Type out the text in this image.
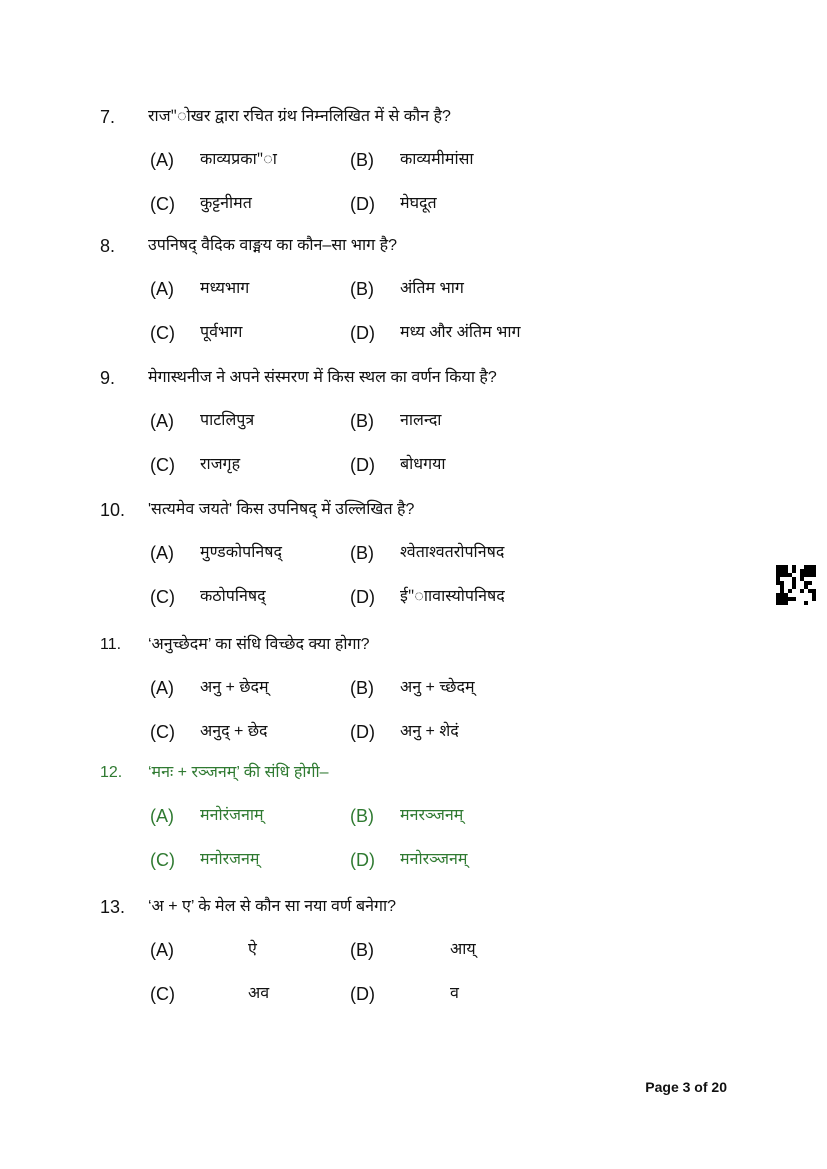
7. राज"ोखर द्वारा रचित ग्रंथ निम्नलिखित में से कौन है?
(A) काव्यप्रका"ा	(B) काव्यमीमांसा
(C) कुट्टनीमत	(D) मेघदूत
8. उपनिषद् वैदिक वाङ्मय का कौन–सा भाग है?
(A) मध्यभाग	(B) अंतिम भाग
(C) पूर्वभाग	(D) मध्य और अंतिम भाग
9. मेगास्थनीज ने अपने संस्मरण में किस स्थल का वर्णन किया है?
(A) पाटलिपुत्र	(B) नालन्दा
(C) राजगृह	(D) बोधगया
10. 'सत्यमेव जयते' किस उपनिषद् में उल्लिखित है?
(A) मुण्डकोपनिषद्	(B) श्वेताश्वतरोपनिषद
(C) कठोपनिषद्	(D) ई"ाावास्योपनिषद
11. ‘अनुच्छेदम’ का संधि विच्छेद क्या होगा?
(A) अनु + छेदम्	(B) अनु + च्छेदम्
(C) अनुद् + छेद	(D) अनु + शेदं
12. ‘मनः + रञ्जनम्’ की संधि होगी–
(A) मनोरंजनाम्	(B) मनरञ्जनम्
(C) मनोरजनम्	(D) मनोरञ्जनम्
13. ‘अ + ए’ के मेल से कौन सा नया वर्ण बनेगा?
(A)	ऐ	(B)	आय्
(C)	अव	(D)	व
Page 3 of 20
